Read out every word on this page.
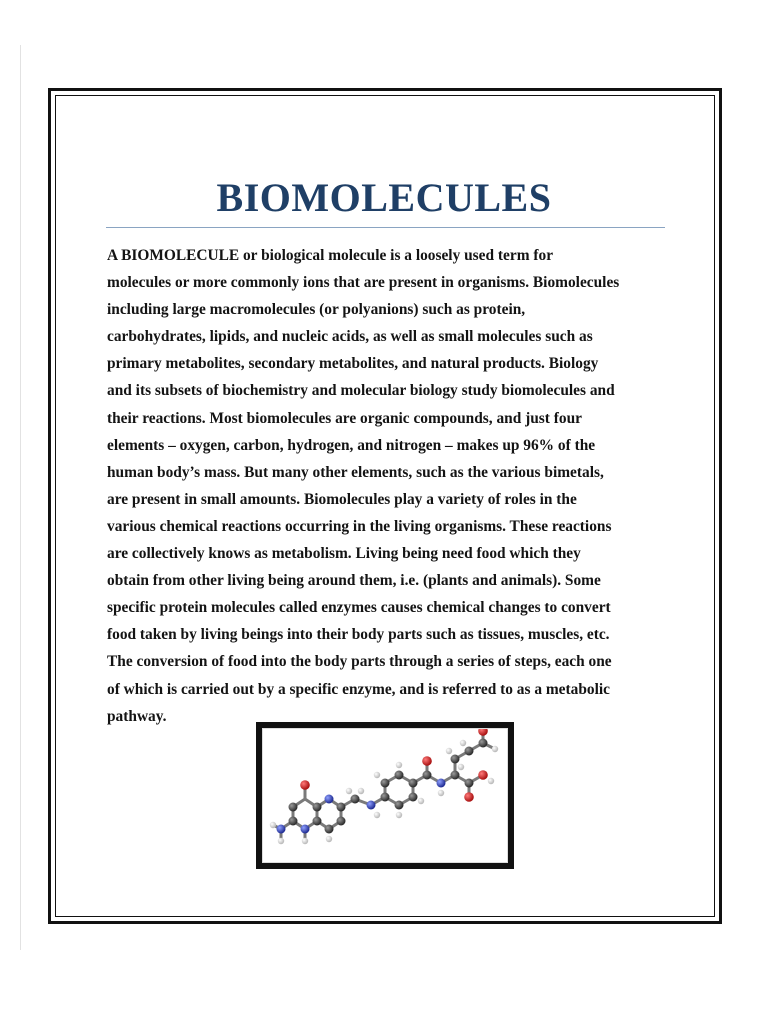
BIOMOLECULES
A BIOMOLECULE or biological molecule is a loosely used term for
molecules or more commonly ions that are present in organisms. Biomolecules
including large macromolecules (or polyanions) such as protein,
carbohydrates, lipids, and nucleic acids, as well as small molecules such as
primary metabolites, secondary metabolites, and natural products. Biology
and its subsets of biochemistry and molecular biology study biomolecules and
their reactions. Most biomolecules are organic compounds, and just four
elements – oxygen, carbon, hydrogen, and nitrogen – makes up 96% of the
human body’s mass. But many other elements, such as the various bimetals,
are present in small amounts. Biomolecules play a variety of roles in the
various chemical reactions occurring in the living organisms. These reactions
are collectively knows as metabolism. Living being need food which they
obtain from other living being around them, i.e. (plants and animals). Some
specific protein molecules called enzymes causes chemical changes to convert
food taken by living beings into their body parts such as tissues, muscles, etc.
The conversion of food into the body parts through a series of steps, each one
of which is carried out by a specific enzyme, and is referred to as a metabolic
pathway.
